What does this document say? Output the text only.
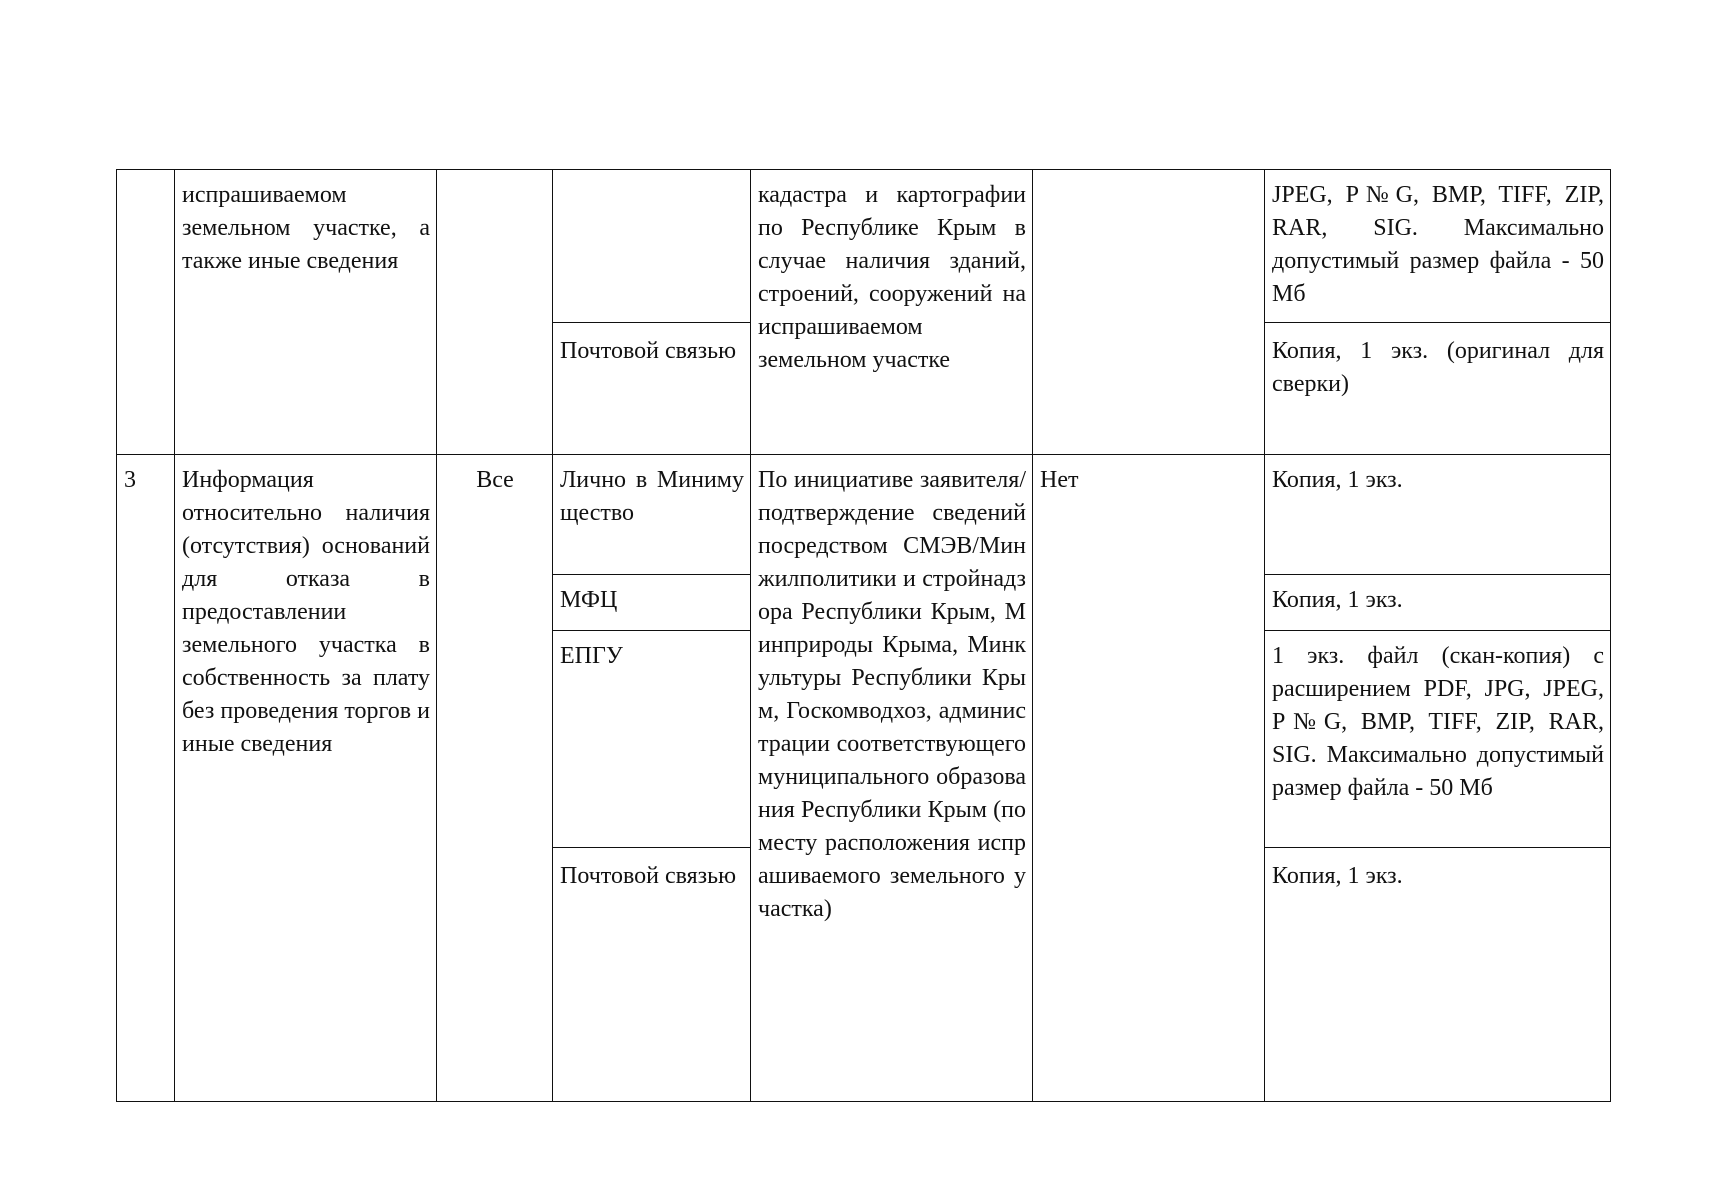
	испрашиваемом земельном участке, а также иные сведения			кадастра и картографии по Республике Крым в случае наличия зданий, строений, сооружений на испрашиваемом земельном участке		JPEG, P№G, BMP, TIFF, ZIP, RAR, SIG. Максимально допустимый размер файла - 50 Мб
			Почтовой связью			Копия, 1 экз. (оригинал для сверки)
3	Информация относительно наличия (отсутствия) оснований для отказа в предоставлении земельного участка в собственность за плату без проведения торгов и иные сведения	Все	Лично в Минимущество	По инициативе заявителя/подтверждение сведений посредством СМЭВ/Минжилполитики и стройнадзора Республики Крым, Минприроды Крыма, Минкультуры Республики Крым, Госкомводхоз, администрации соответствующего муниципального образования Республики Крым (по месту расположения испрашиваемого земельного участка)	Нет	Копия, 1 экз.
			МФЦ			Копия, 1 экз.
			ЕПГУ			1 экз. файл (скан-копия) с расширением PDF, JPG, JPEG, P№G, BMP, TIFF, ZIP, RAR, SIG. Максимально допустимый размер файла - 50 Мб
			Почтовой связью			Копия, 1 экз.
